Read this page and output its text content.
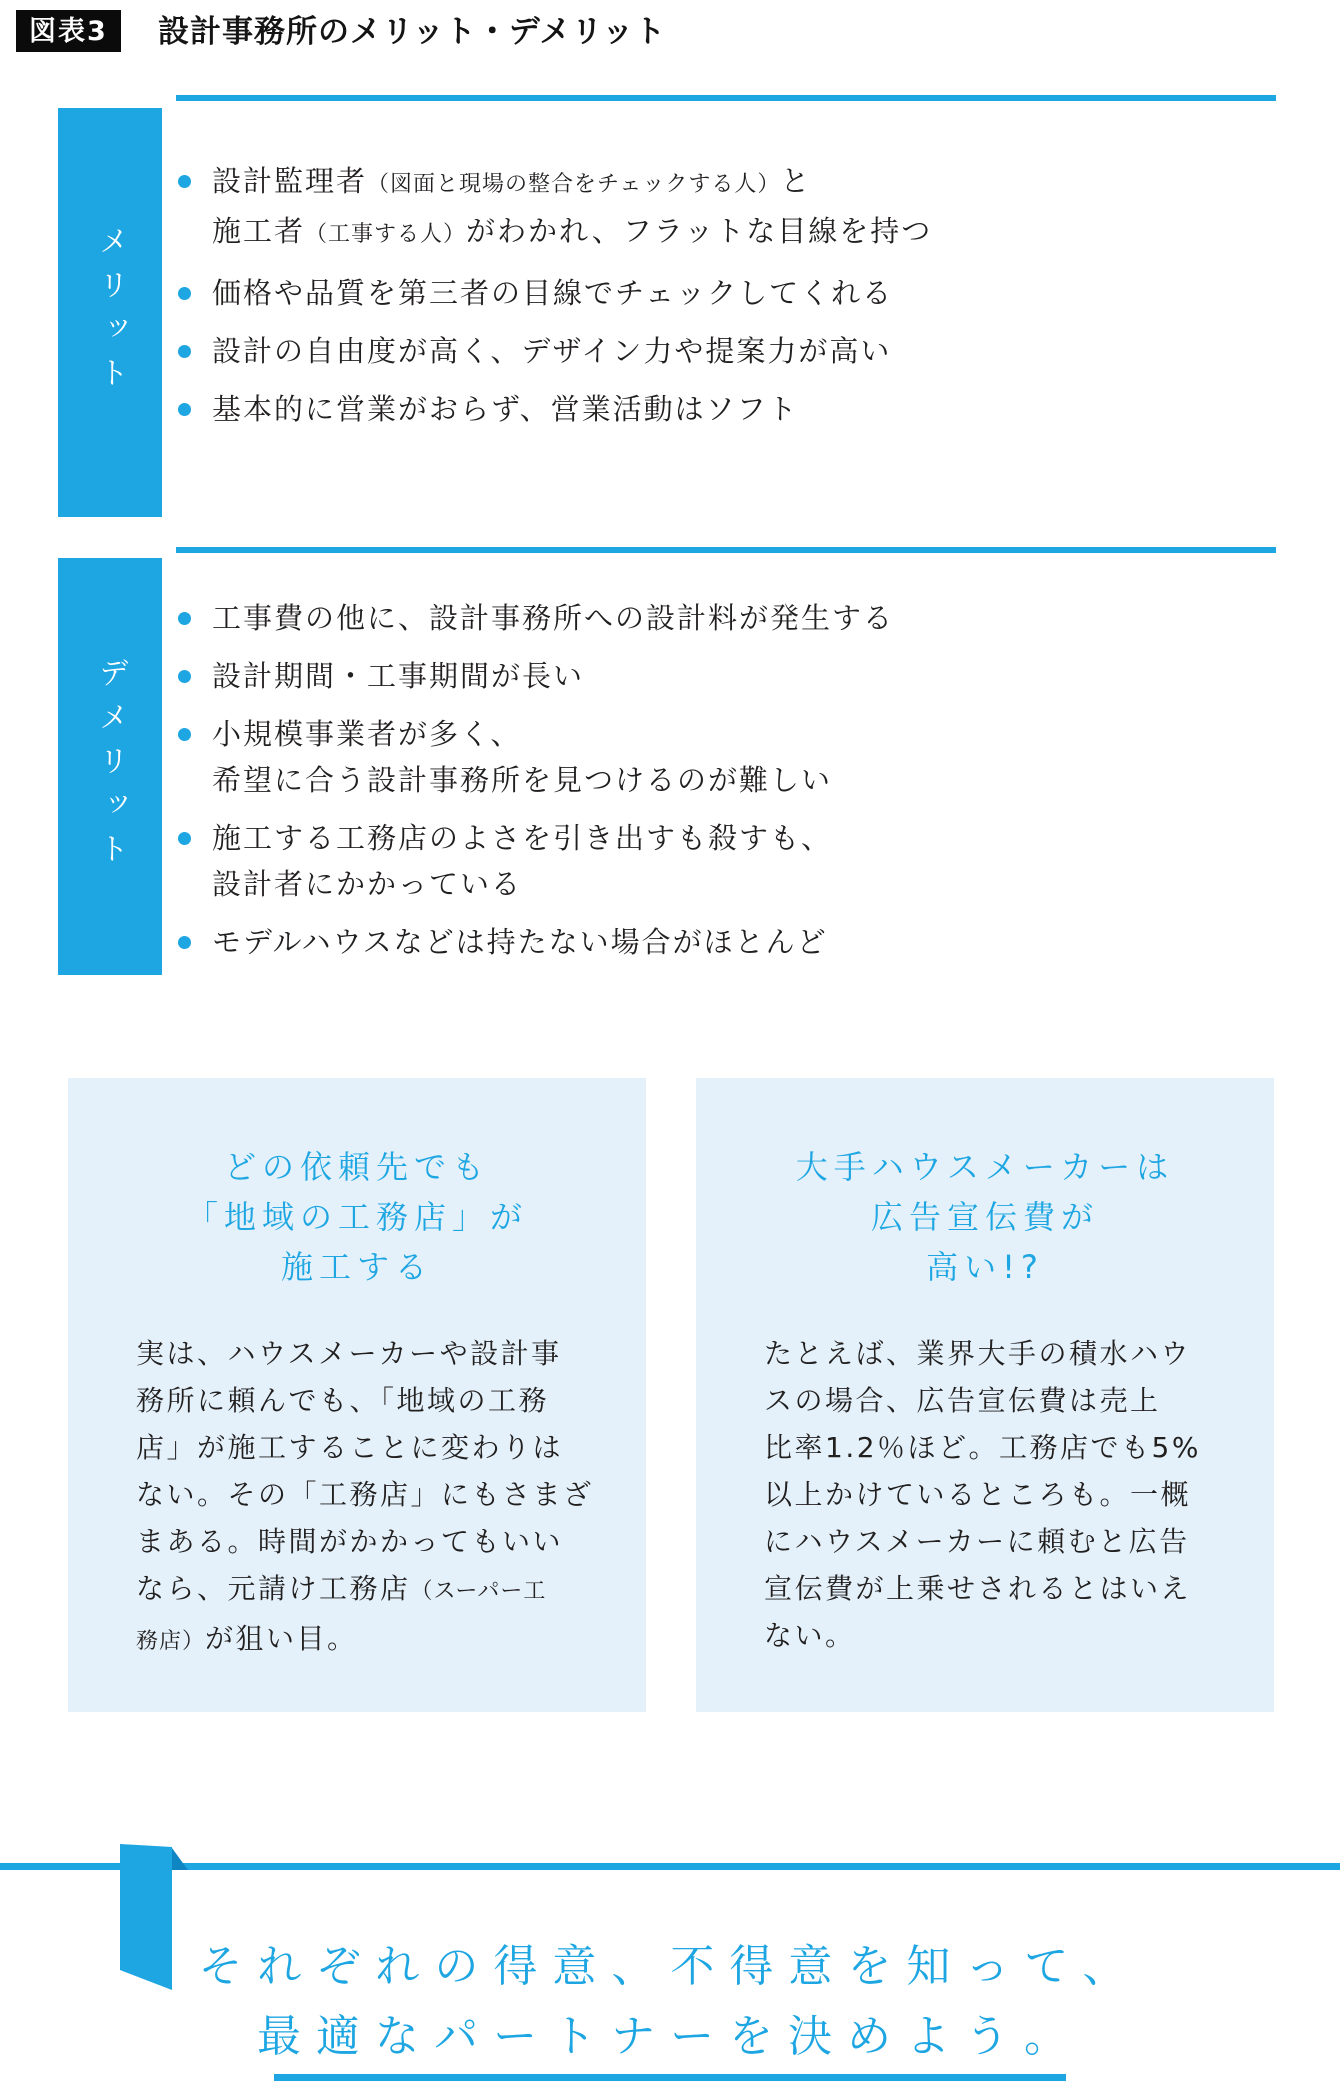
図表3	設計事務所のメリット・デメリット
メリット
設計監理者（図面と現場の整合をチェックする人）と
施工者（工事する人）がわかれ、フラットな目線を持つ
価格や品質を第三者の目線でチェックしてくれる
設計の自由度が高く、デザイン力や提案力が高い
基本的に営業がおらず、営業活動はソフト
デメリット
工事費の他に、設計事務所への設計料が発生する
設計期間・工事期間が長い
小規模事業者が多く、
希望に合う設計事務所を見つけるのが難しい
施工する工務店のよさを引き出すも殺すも、
設計者にかかっている
モデルハウスなどは持たない場合がほとんど
どの依頼先でも
「地域の工務店」が
施工する
実は、ハウスメーカーや設計事
務所に頼んでも、「地域の工務
店」が施工することに変わりは
ない。その「工務店」にもさまざ
まある。時間がかかってもいい
なら、元請け工務店（スーパー工
務店）が狙い目。
大手ハウスメーカーは
広告宣伝費が
高い!?
たとえば、業界大手の積水ハウ
スの場合、広告宣伝費は売上
比率1.2％ほど。工務店でも5%
以上かけているところも。一概
にハウスメーカーに頼むと広告
宣伝費が上乗せされるとはいえ
ない。
それぞれの得意、不得意を知って、
最適なパートナーを決めよう。
